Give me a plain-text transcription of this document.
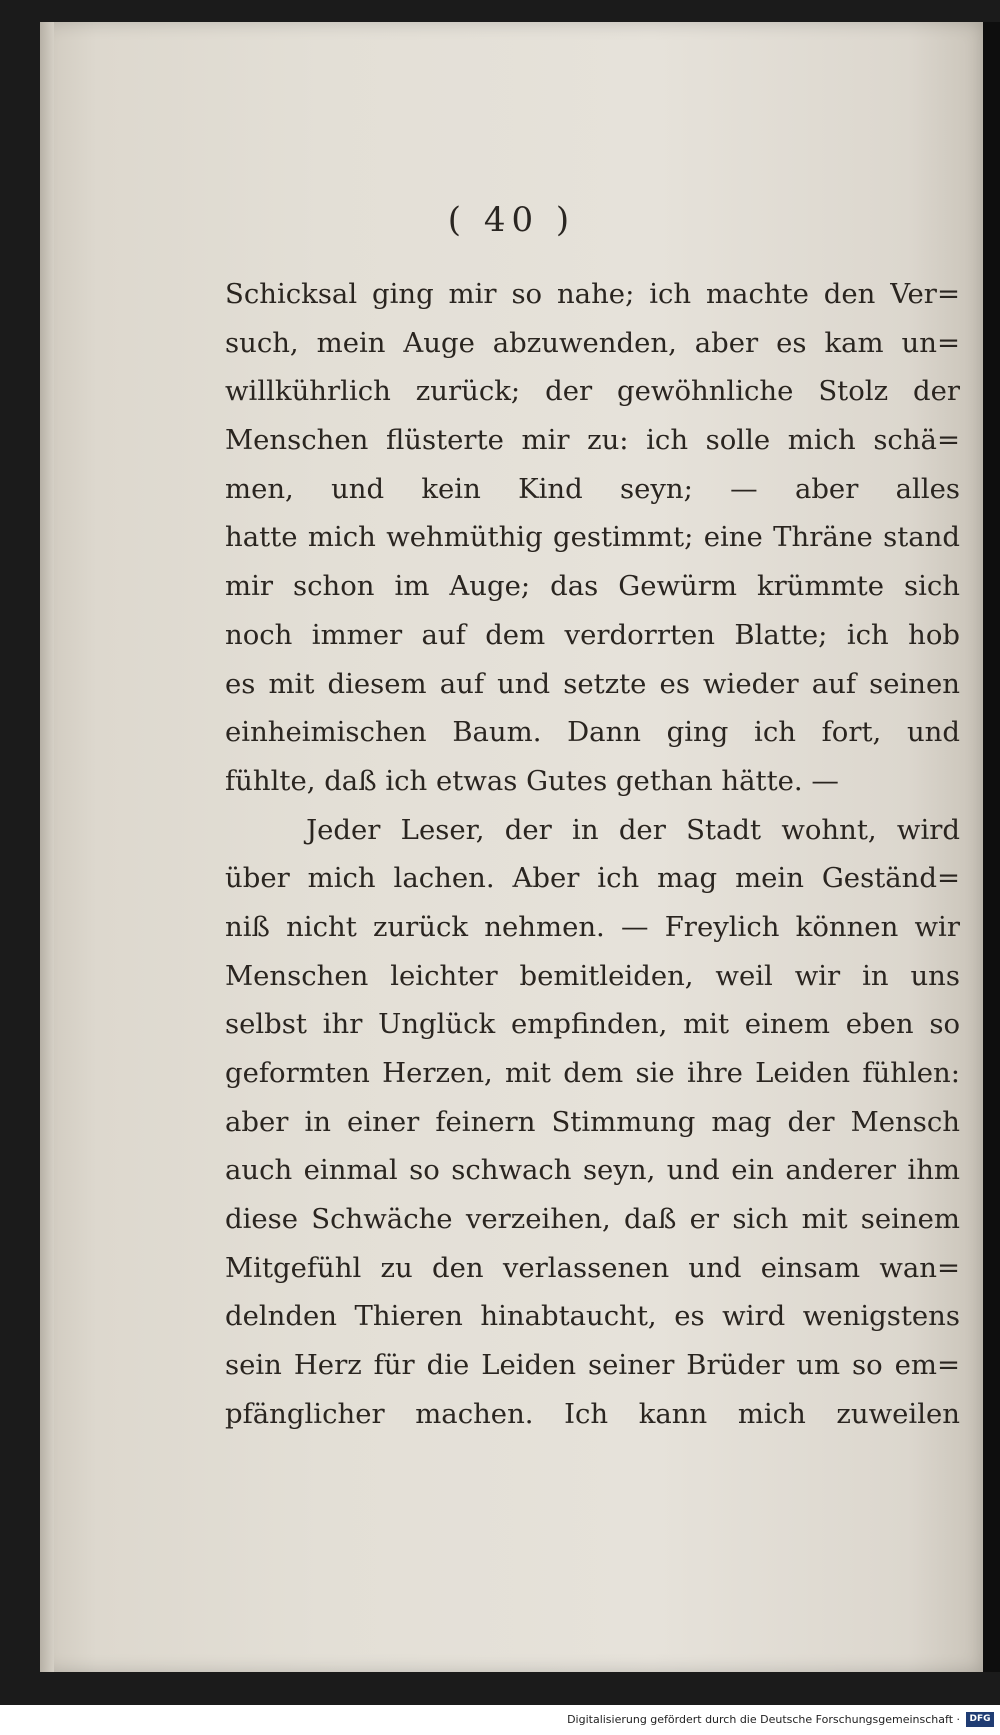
( 40 )
Schicksal ging mir so nahe; ich machte den Ver=
such, mein Auge abzuwenden, aber es kam un=
willkührlich zurück; der gewöhnliche Stolz der
Menschen flüsterte mir zu: ich solle mich schä=
men, und kein Kind seyn; — aber alles
hatte mich wehmüthig gestimmt; eine Thräne stand
mir schon im Auge; das Gewürm krümmte sich
noch immer auf dem verdorrten Blatte; ich hob
es mit diesem auf und setzte es wieder auf seinen
einheimischen Baum. Dann ging ich fort, und
fühlte, daß ich etwas Gutes gethan hätte. —
Jeder Leser, der in der Stadt wohnt, wird
über mich lachen. Aber ich mag mein Geständ=
niß nicht zurück nehmen. — Freylich können wir
Menschen leichter bemitleiden, weil wir in uns
selbst ihr Unglück empfinden, mit einem eben so
geformten Herzen, mit dem sie ihre Leiden fühlen:
aber in einer feinern Stimmung mag der Mensch
auch einmal so schwach seyn, und ein anderer ihm
diese Schwäche verzeihen, daß er sich mit seinem
Mitgefühl zu den verlassenen und einsam wan=
delnden Thieren hinabtaucht, es wird wenigstens
sein Herz für die Leiden seiner Brüder um so em=
pfänglicher machen. Ich kann mich zuweilen
Digitalisierung gefördert durch die Deutsche Forschungsgemeinschaft ·	DFG
